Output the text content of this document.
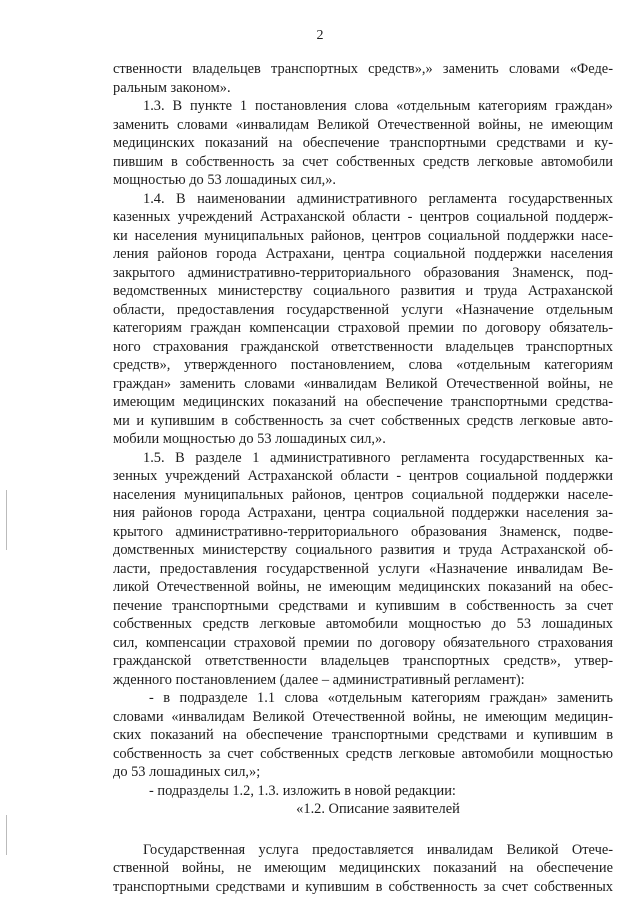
2
ственности владельцев транспортных средств»,» заменить словами «Феде-
ральным законом».
1.3. В пункте 1 постановления слова «отдельным категориям граждан»
заменить словами «инвалидам Великой Отечественной войны, не имеющим
медицинских показаний на обеспечение транспортными средствами и ку-
пившим в собственность за счет собственных средств легковые автомобили
мощностью до 53 лошадиных сил,».
1.4. В наименовании административного регламента государственных
казенных учреждений Астраханской области - центров социальной поддерж-
ки населения муниципальных районов, центров социальной поддержки насе-
ления районов города Астрахани, центра социальной поддержки населения
закрытого административно-территориального образования Знаменск, под-
ведомственных министерству социального развития и труда Астраханской
области, предоставления государственной услуги «Назначение отдельным
категориям граждан компенсации страховой премии по договору обязатель-
ного страхования гражданской ответственности владельцев транспортных
средств», утвержденного постановлением, слова «отдельным категориям
граждан» заменить словами «инвалидам Великой Отечественной войны, не
имеющим медицинских показаний на обеспечение транспортными средства-
ми и купившим в собственность за счет собственных средств легковые авто-
мобили мощностью до 53 лошадиных сил,».
1.5. В разделе 1 административного регламента государственных ка-
зенных учреждений Астраханской области - центров социальной поддержки
населения муниципальных районов, центров социальной поддержки населе-
ния районов города Астрахани, центра социальной поддержки населения за-
крытого административно-территориального образования Знаменск, подве-
домственных министерству социального развития и труда Астраханской об-
ласти, предоставления государственной услуги «Назначение инвалидам Ве-
ликой Отечественной войны, не имеющим медицинских показаний на обес-
печение транспортными средствами и купившим в собственность за счет
собственных средств легковые автомобили мощностью до 53 лошадиных
сил, компенсации страховой премии по договору обязательного страхования
гражданской ответственности владельцев транспортных средств», утвер-
жденного постановлением (далее – административный регламент):
- в подразделе 1.1 слова «отдельным категориям граждан» заменить
словами «инвалидам Великой Отечественной войны, не имеющим медицин-
ских показаний на обеспечение транспортными средствами и купившим в
собственность за счет собственных средств легковые автомобили мощностью
до 53 лошадиных сил,»;
- подразделы 1.2, 1.3. изложить в новой редакции:
«1.2. Описание заявителей
Государственная услуга предоставляется инвалидам Великой Отече-
ственной войны, не имеющим медицинских показаний на обеспечение
транспортными средствами и купившим в собственность за счет собственных
